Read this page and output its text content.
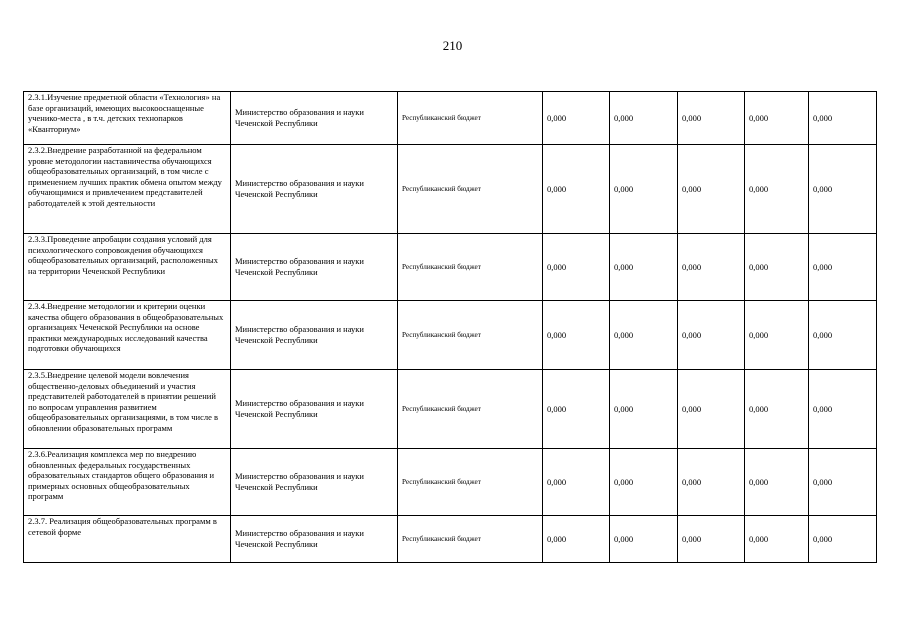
210
2.3.1.Изучение предметной области «Технология» на базе организаций, имеющих высокооснащенные ученико-места , в т.ч. детских технопарков «Кванториум»	Министерство образования и науки Чеченской Республики	Республиканский бюджет	0,000	0,000	0,000	0,000	0,000
2.3.2.Внедрение разработанной на федеральном уровне методологии наставничества обучающихся общеобразовательных организаций, в том числе с применением лучших практик обмена опытом между обучающимися и привлечением представителей работодателей к этой деятельности	Министерство образования и науки Чеченской Республики	Республиканский бюджет	0,000	0,000	0,000	0,000	0,000
2.3.3.Проведение апробации создания условий для психологического сопровождения обучающихся общеобразовательных организаций, расположенных на территории Чеченской Республики	Министерство образования и науки Чеченской Республики	Республиканский бюджет	0,000	0,000	0,000	0,000	0,000
2.3.4.Внедрение методологии и критерии оценки качества общего образования в общеобразовательных организациях Чеченской Республики на основе практики международных исследований качества подготовки обучающихся	Министерство образования и науки Чеченской Республики	Республиканский бюджет	0,000	0,000	0,000	0,000	0,000
2.3.5.Внедрение целевой модели вовлечения общественно-деловых объединений и участия представителей работодателей в принятии решений по вопросам управления развитием общеобразовательных организациями, в том числе в обновлении образовательных программ	Министерство образования и науки Чеченской Республики	Республиканский бюджет	0,000	0,000	0,000	0,000	0,000
2.3.6.Реализация комплекса мер по внедрению обновленных федеральных государственных образовательных стандартов общего образования и примерных основных общеобразовательных программ	Министерство образования и науки Чеченской Республики	Республиканский бюджет	0,000	0,000	0,000	0,000	0,000
2.3.7. Реализация общеобразовательных программ в сетевой форме	Министерство образования и науки Чеченской Республики	Республиканский бюджет	0,000	0,000	0,000	0,000	0,000
